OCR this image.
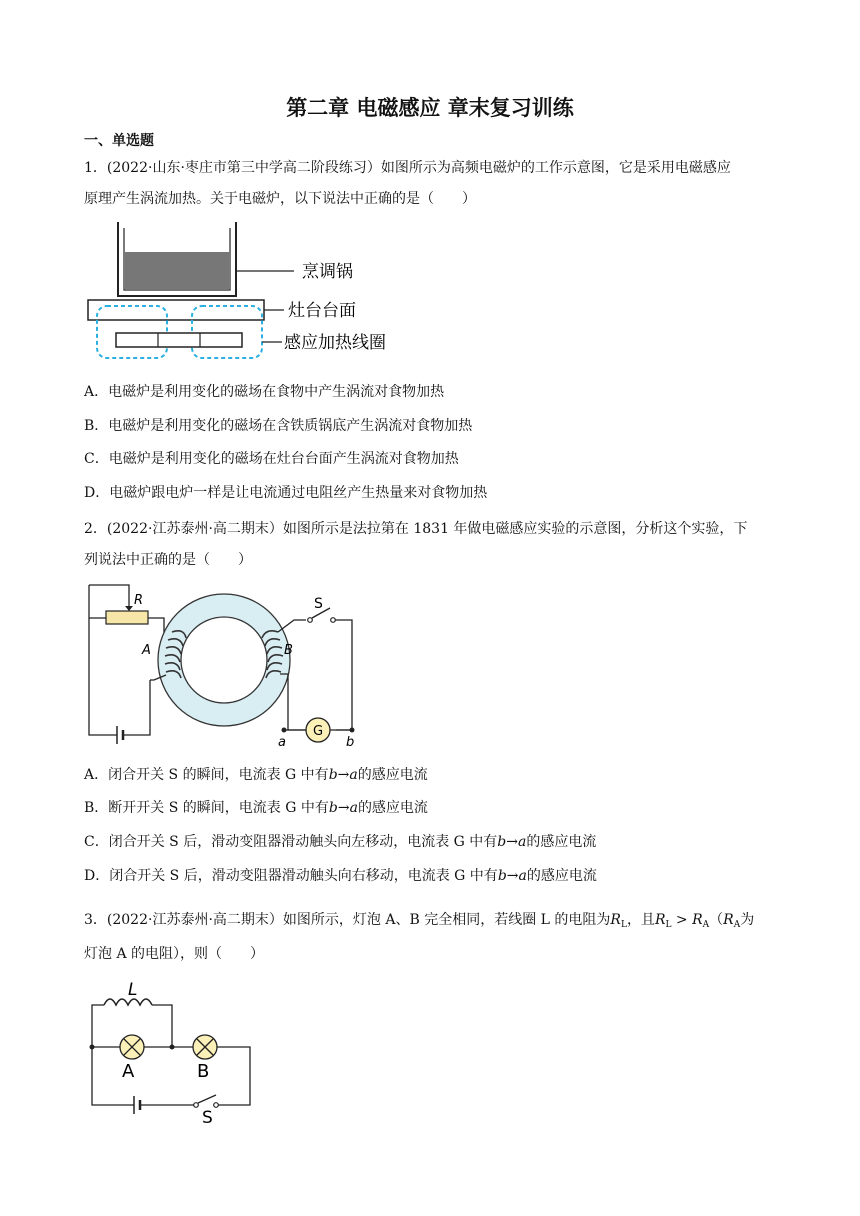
第二章 电磁感应 章末复习训练
一、单选题
1．(2022·山东·枣庄市第三中学高二阶段练习）如图所示为高频电磁炉的工作示意图，它是采用电磁感应
原理产生涡流加热。关于电磁炉，以下说法中正确的是（　　）
烹调锅
灶台台面
感应加热线圈
A．电磁炉是利用变化的磁场在食物中产生涡流对食物加热
B．电磁炉是利用变化的磁场在含铁质锅底产生涡流对食物加热
C．电磁炉是利用变化的磁场在灶台台面产生涡流对食物加热
D．电磁炉跟电炉一样是让电流通过电阻丝产生热量来对食物加热
2．(2022·江苏泰州·高二期末）如图所示是法拉第在 1831 年做电磁感应实验的示意图，分析这个实验，下
列说法中正确的是（　　）
R
A	B
S
G
a	b
A．闭合开关 S 的瞬间，电流表 G 中有b→a的感应电流
B．断开开关 S 的瞬间，电流表 G 中有b→a的感应电流
C．闭合开关 S 后，滑动变阻器滑动触头向左移动，电流表 G 中有b→a的感应电流
D．闭合开关 S 后，滑动变阻器滑动触头向右移动，电流表 G 中有b→a的感应电流
3．(2022·江苏泰州·高二期末）如图所示，灯泡 A、B 完全相同，若线圈 L 的电阻为$R_L$，且$R_L > R_A(R_A$为
灯泡 A 的电阻），则（　　）
L
A	B
S
